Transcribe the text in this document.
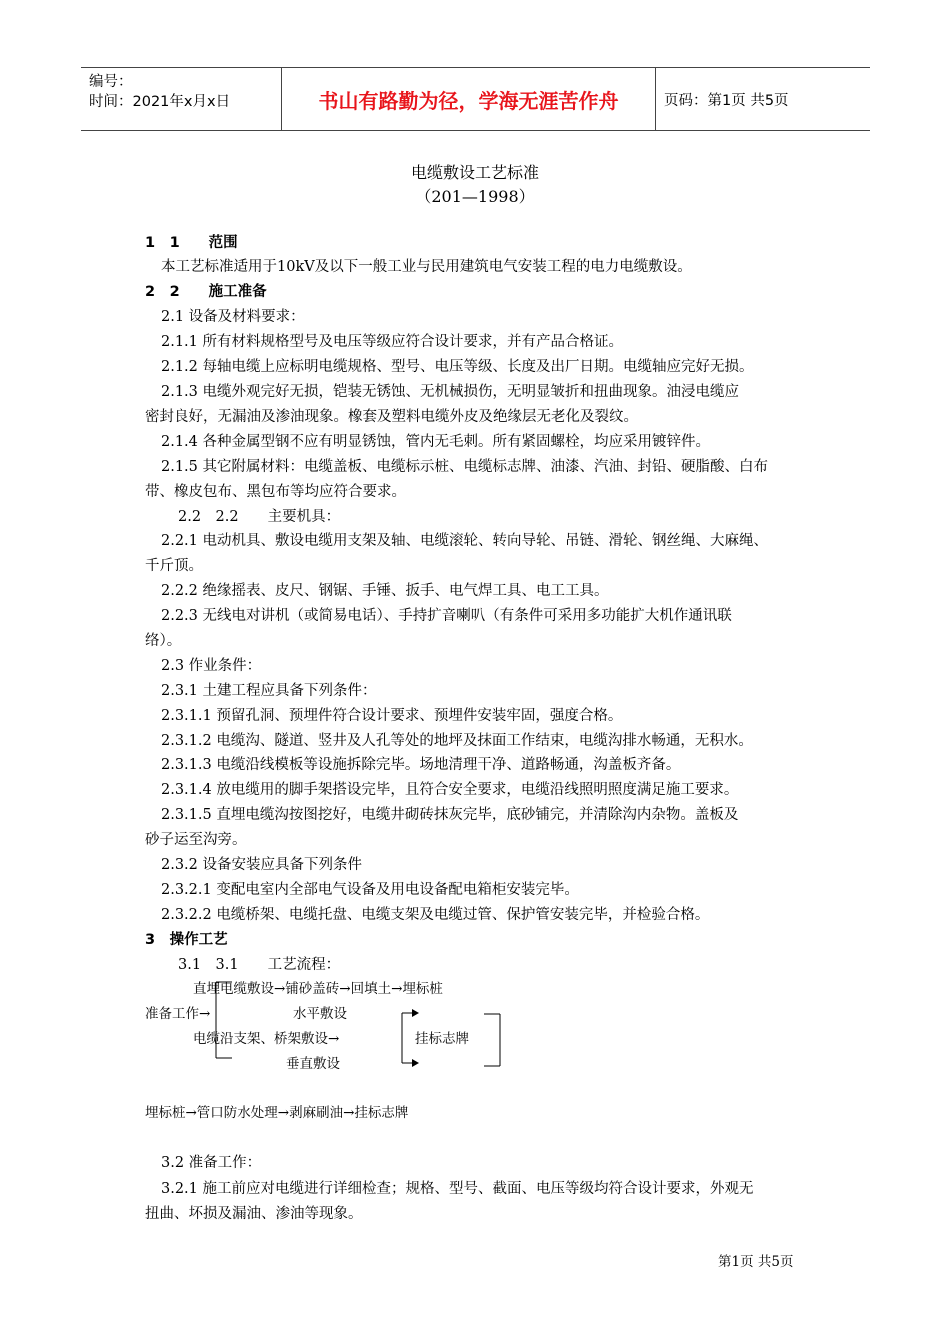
编号：
时间：2021年x月x日	书山有路勤为径，学海无涯苦作舟	页码：第1页 共5页
电缆敷设工艺标准
（201—1998）
1　1　　范围
本工艺标准适用于10kV及以下一般工业与民用建筑电气安装工程的电力电缆敷设。
2　2　　施工准备
2.1 设备及材料要求：
2.1.1 所有材料规格型号及电压等级应符合设计要求，并有产品合格证。
2.1.2 每轴电缆上应标明电缆规格、型号、电压等级、长度及出厂日期。电缆轴应完好无损。
2.1.3 电缆外观完好无损，铠装无锈蚀、无机械损伤，无明显皱折和扭曲现象。油浸电缆应
密封良好，无漏油及渗油现象。橡套及塑料电缆外皮及绝缘层无老化及裂纹。
2.1.4 各种金属型钢不应有明显锈蚀，管内无毛刺。所有紧固螺栓，均应采用镀锌件。
2.1.5 其它附属材料：电缆盖板、电缆标示桩、电缆标志牌、油漆、汽油、封铅、硬脂酸、白布
带、橡皮包布、黑包布等均应符合要求。
2.2　2.2　　主要机具：
2.2.1 电动机具、敷设电缆用支架及轴、电缆滚轮、转向导轮、吊链、滑轮、钢丝绳、大麻绳、
千斤顶。
2.2.2 绝缘摇表、皮尺、钢锯、手锤、扳手、电气焊工具、电工工具。
2.2.3 无线电对讲机（或简易电话）、手持扩音喇叭（有条件可采用多功能扩大机作通讯联
络）。
2.3 作业条件：
2.3.1 土建工程应具备下列条件：
2.3.1.1 预留孔洞、预埋件符合设计要求、预埋件安装牢固，强度合格。
2.3.1.2 电缆沟、隧道、竖井及人孔等处的地坪及抹面工作结束，电缆沟排水畅通，无积水。
2.3.1.3 电缆沿线模板等设施拆除完毕。场地清理干净、道路畅通，沟盖板齐备。
2.3.1.4 放电缆用的脚手架搭设完毕，且符合安全要求，电缆沿线照明照度满足施工要求。
2.3.1.5 直埋电缆沟按图挖好，电缆井砌砖抹灰完毕，底砂铺完，并清除沟内杂物。盖板及
砂子运至沟旁。
2.3.2 设备安装应具备下列条件
2.3.2.1 变配电室内全部电气设备及用电设备配电箱柜安装完毕。
2.3.2.2 电缆桥架、电缆托盘、电缆支架及电缆过管、保护管安装完毕，并检验合格。
3　操作工艺
3.1　3.1　　工艺流程：
直埋电缆敷设→铺砂盖砖→回填土→埋标桩
准备工作→	水平敷设
电缆沿支架、桥架敷设→	挂标志牌
垂直敷设
埋标桩→管口防水处理→剥麻刷油→挂标志牌
3.2 准备工作：
3.2.1 施工前应对电缆进行详细检查；规格、型号、截面、电压等级均符合设计要求，外观无
扭曲、坏损及漏油、渗油等现象。
第1页 共5页
